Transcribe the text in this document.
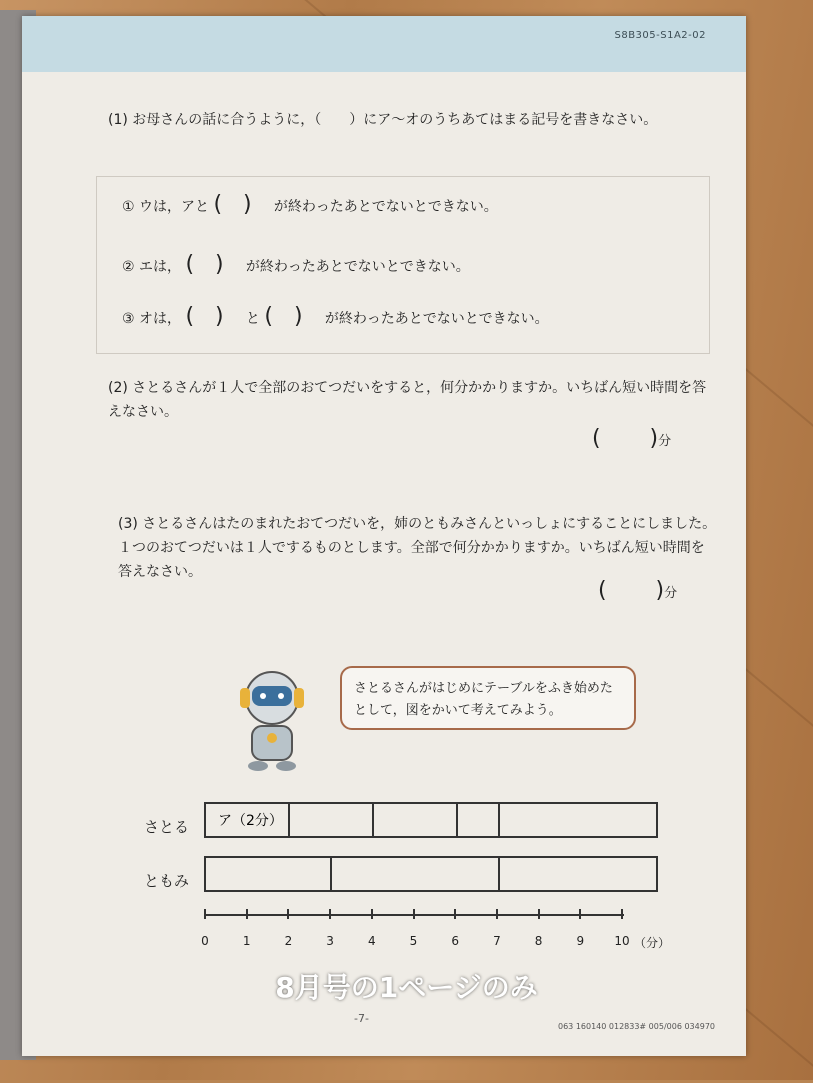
S8B305-S1A2-02
(1) お母さんの話に合うように，（　　）にア〜オのうちあてはまる記号を書きなさい。
① ウは，アと (   ) が終わったあとでないとできない。
② エは， (   ) が終わったあとでないとできない。
③ オは， (   ) と (   ) が終わったあとでないとできない。
(2) さとるさんが１人で全部のおてつだいをすると，何分かかりますか。いちばん短い時間を答えなさい。
(       )分
(3) さとるさんはたのまれたおてつだいを，姉のともみさんといっしょにすることにしました。１つのおてつだいは１人でするものとします。全部で何分かかりますか。いちばん短い時間を答えなさい。
(       )分
さとるさんがはじめにテーブルをふき始めたとして，図をかいて考えてみよう。
さとる
ともみ
ア（2分）
0	1	2	3	4	5	6	7	8	9	10 （分）
-7-
063 160140 012833# 005/006 034970
8月号の1ページのみ
